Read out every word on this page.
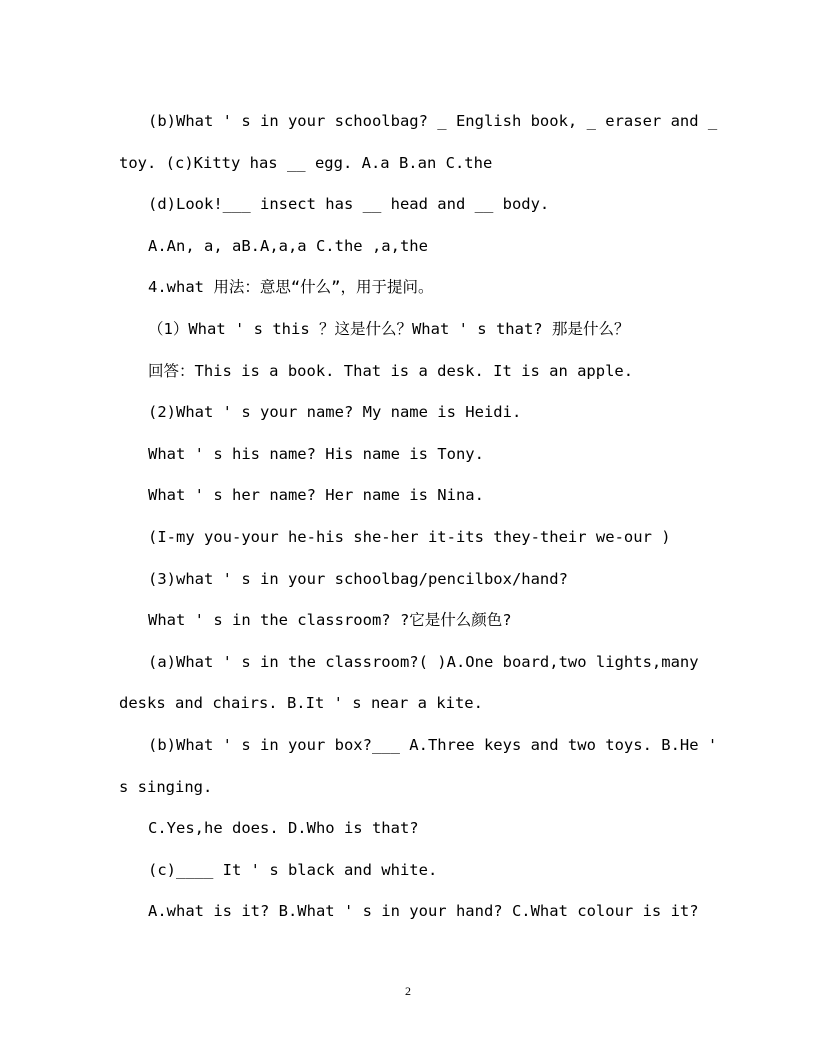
(b)What ' s in your schoolbag? _ English book, _ eraser and _
toy. (c)Kitty has __ egg. A.a B.an C.the
(d)Look!___ insect has __ head and __ body.
A.An, a, aB.A,a,a C.the ,a,the
4.what 用法：意思“什么”，用于提问。
（1）What ' s this ？这是什么？What ' s that? 那是什么？
回答：This is a book. That is a desk. It is an apple.
(2)What ' s your name? My name is Heidi.
What ' s his name? His name is Tony.
What ' s her name? Her name is Nina.
(I-my you-your he-his she-her it-its they-their we-our )
(3)what ' s in your schoolbag/pencilbox/hand?
What ' s in the classroom? ?它是什么颜色?
(a)What ' s in the classroom?( )A.One board,two lights,many
desks and chairs. B.It ' s near a kite.
(b)What ' s in your box?___ A.Three keys and two toys. B.He '
s singing.
C.Yes,he does. D.Who is that?
(c)____ It ' s black and white.
A.what is it? B.What ' s in your hand? C.What colour is it?
2
